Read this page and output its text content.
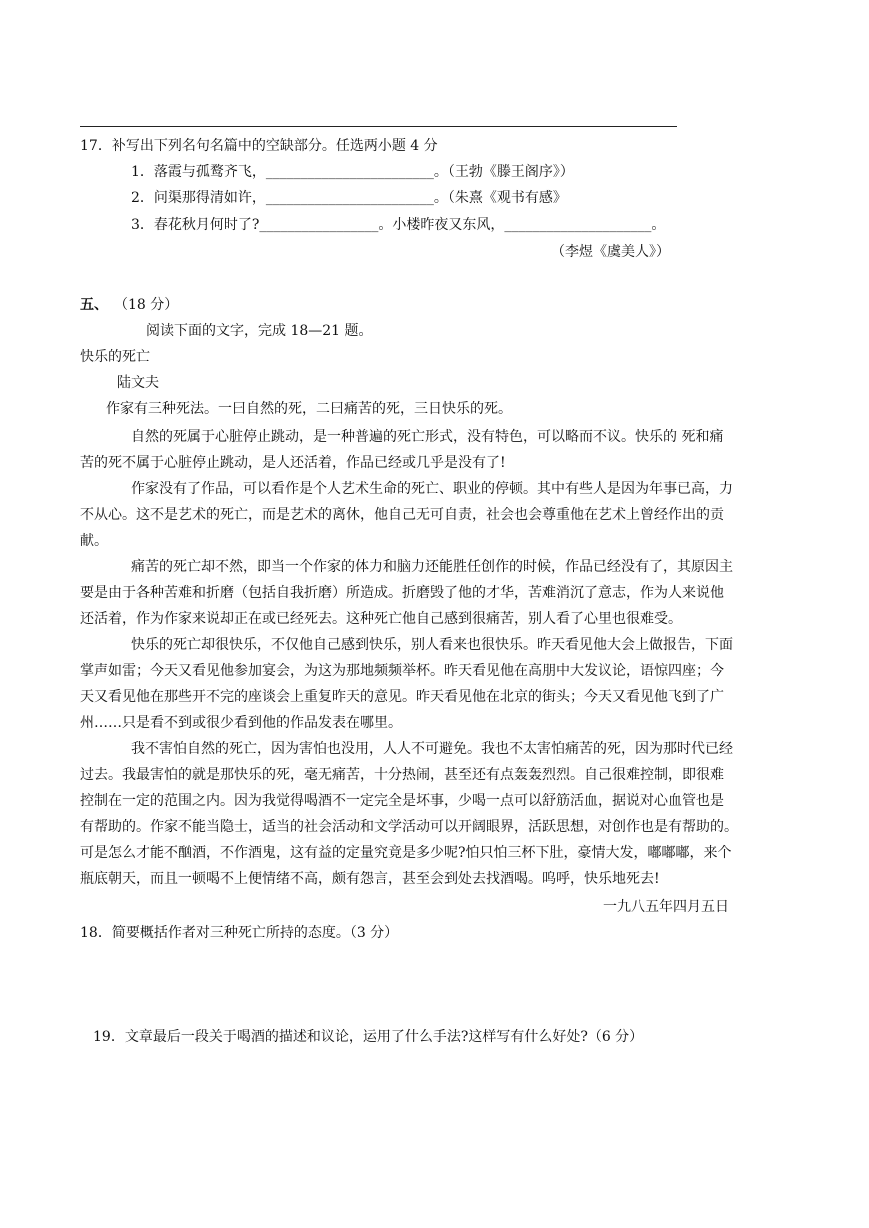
17．补写出下列名句名篇中的空缺部分。任选两小题 4 分
1．落霞与孤鹜齐飞，________________________。（王勃《滕王阁序》）
2．问渠那得清如许，________________________。（朱熹《观书有感》
3．春花秋月何时了?_________________。小楼昨夜又东风，_____________________。
（李煜《虞美人》）
五、 （18 分）
阅读下面的文字，完成 18—21 题。
快乐的死亡
陆文夫
作家有三种死法。一曰自然的死，二曰痛苦的死，三日快乐的死。
自然的死属于心脏停止跳动，是一种普遍的死亡形式，没有特色，可以略而不议。快乐的 死和痛
苦的死不属于心脏停止跳动，是人还活着，作品已经或几乎是没有了!
作家没有了作品，可以看作是个人艺术生命的死亡、职业的停顿。其中有些人是因为年事已高，力
不从心。这不是艺术的死亡，而是艺术的离休，他自己无可自责，社会也会尊重他在艺术上曾经作出的贡
献。
痛苦的死亡却不然，即当一个作家的体力和脑力还能胜任创作的时候，作品已经没有了，其原因主
要是由于各种苦难和折磨（包括自我折磨）所造成。折磨毁了他的才华，苦难消沉了意志，作为人来说他
还活着，作为作家来说却正在或已经死去。这种死亡他自己感到很痛苦，别人看了心里也很难受。
快乐的死亡却很快乐，不仅他自己感到快乐，别人看来也很快乐。昨天看见他大会上做报告，下面
掌声如雷；今天又看见他参加宴会，为这为那地频频举杯。昨天看见他在高朋中大发议论，语惊四座；今
天又看见他在那些开不完的座谈会上重复昨天的意见。昨天看见他在北京的街头；今天又看见他飞到了广
州……只是看不到或很少看到他的作品发表在哪里。
我不害怕自然的死亡，因为害怕也没用，人人不可避免。我也不太害怕痛苦的死，因为那时代已经
过去。我最害怕的就是那快乐的死，毫无痛苦，十分热闹，甚至还有点轰轰烈烈。自己很难控制，即很难
控制在一定的范围之内。因为我觉得喝酒不一定完全是坏事，少喝一点可以舒筋活血，据说对心血管也是
有帮助的。作家不能当隐士，适当的社会活动和文学活动可以开阔眼界，活跃思想，对创作也是有帮助的。
可是怎么才能不酗酒，不作酒鬼，这有益的定量究竟是多少呢?怕只怕三杯下肚，豪情大发，嘟嘟嘟，来个
瓶底朝天，而且一顿喝不上便情绪不高，颇有怨言，甚至会到处去找酒喝。呜呼，快乐地死去!
一九八五年四月五日
18．简要概括作者对三种死亡所持的态度。（3 分）
19．文章最后一段关于喝酒的描述和议论，运用了什么手法?这样写有什么好处?（6 分）
